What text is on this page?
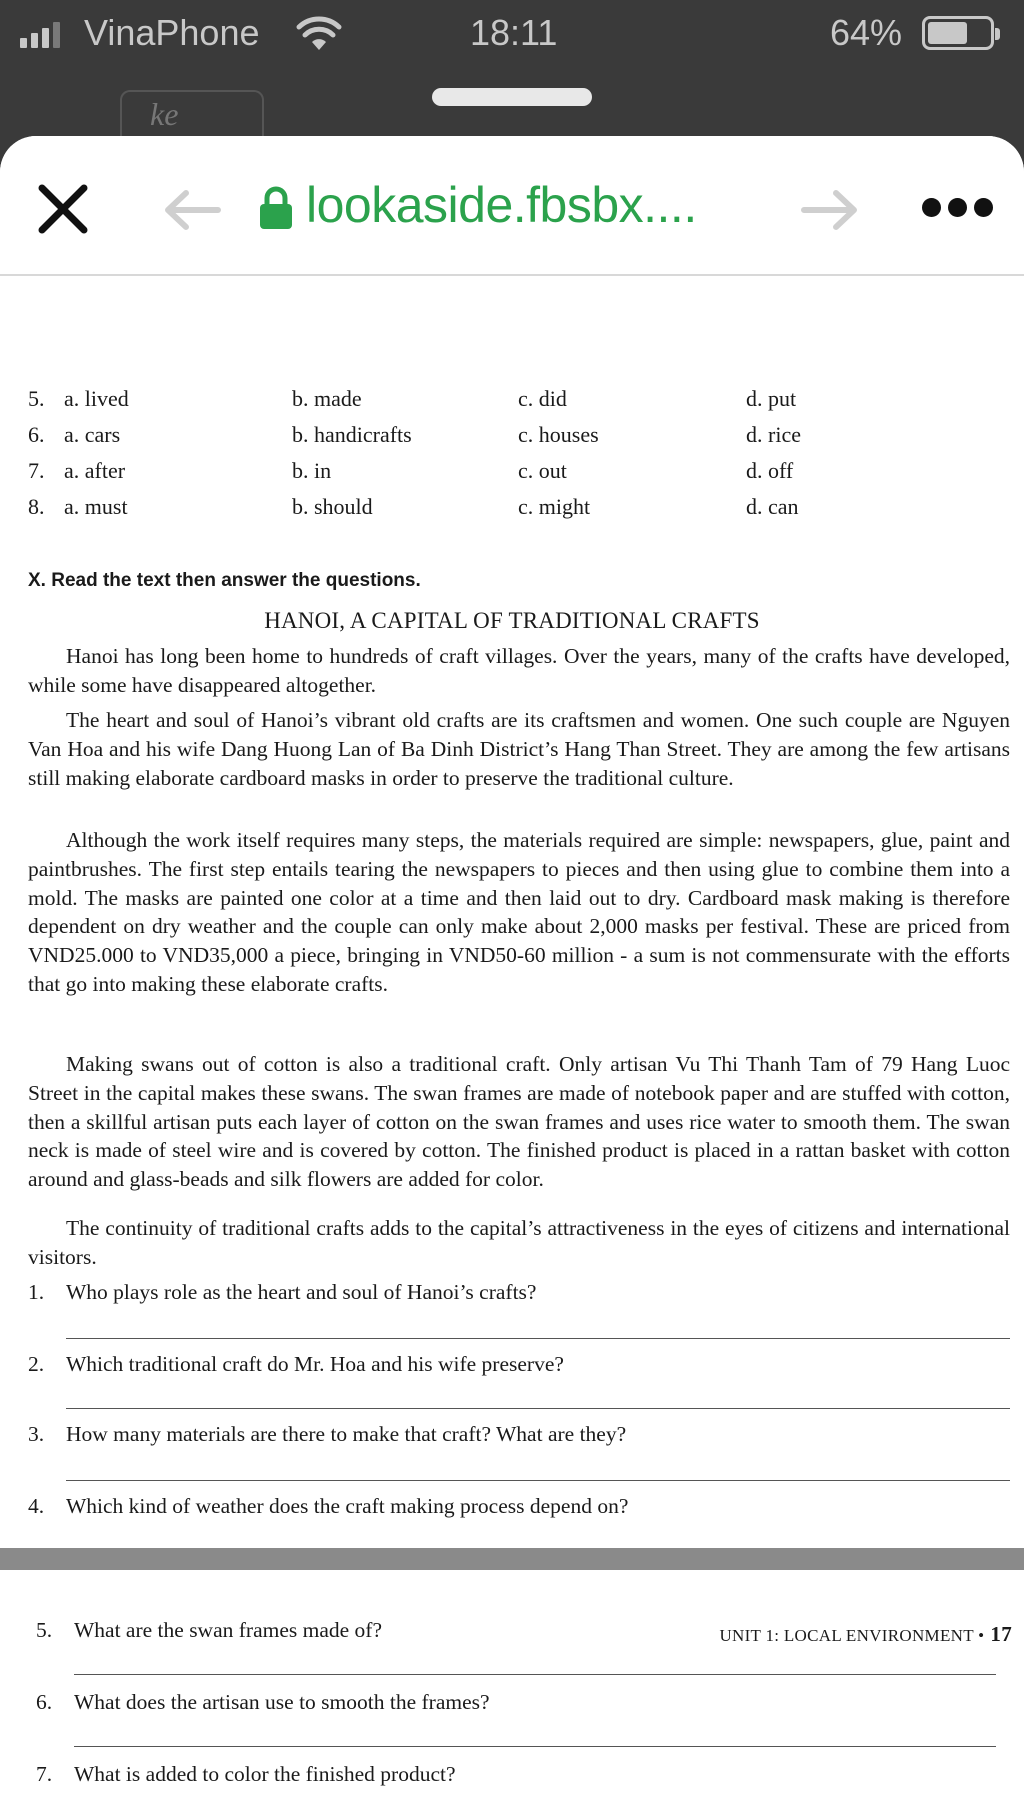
VinaPhone	18:11	64%
ke
lookaside.fbsbx....
5. a. lived	b. made	c. did	d. put
6. a. cars	b. handicrafts	c. houses	d. rice
7. a. after	b. in	c. out	d. off
8. a. must	b. should	c. might	d. can
X. Read the text then answer the questions.
HANOI, A CAPITAL OF TRADITIONAL CRAFTS

Hanoi has long been home to hundreds of craft villages. Over the years, many of the crafts have developed, while some have disappeared altogether.

The heart and soul of Hanoi’s vibrant old crafts are its craftsmen and women. One such couple are Nguyen Van Hoa and his wife Dang Huong Lan of Ba Dinh District’s Hang Than Street. They are among the few artisans still making elaborate cardboard masks in order to preserve the traditional culture.

Although the work itself requires many steps, the materials required are simple: newspapers, glue, paint and paintbrushes. The first step entails tearing the newspapers to pieces and then using glue to combine them into a mold. The masks are painted one color at a time and then laid out to dry. Cardboard mask making is therefore dependent on dry weather and the couple can only make about 2,000 masks per festival. These are priced from VND25.000 to VND35,000 a piece, bringing in VND50-60 million - a sum is not commensurate with the efforts that go into making these elaborate crafts.

Making swans out of cotton is also a traditional craft. Only artisan Vu Thi Thanh Tam of 79 Hang Luoc Street in the capital makes these swans. The swan frames are made of notebook paper and are stuffed with cotton, then a skillful artisan puts each layer of cotton on the swan frames and uses rice water to smooth them. The swan neck is made of steel wire and is covered by cotton. The finished product is placed in a rattan basket with cotton around and glass-beads and silk flowers are added for color.

The continuity of traditional crafts adds to the capital’s attractiveness in the eyes of citizens and international visitors.

1. Who plays role as the heart and soul of Hanoi’s crafts?
2. Which traditional craft do Mr. Hoa and his wife preserve?
3. How many materials are there to make that craft? What are they?
4. Which kind of weather does the craft making process depend on?
UNIT 1: LOCAL ENVIRONMENT • 17
5. What are the swan frames made of?
6. What does the artisan use to smooth the frames?
7. What is added to color the finished product?
